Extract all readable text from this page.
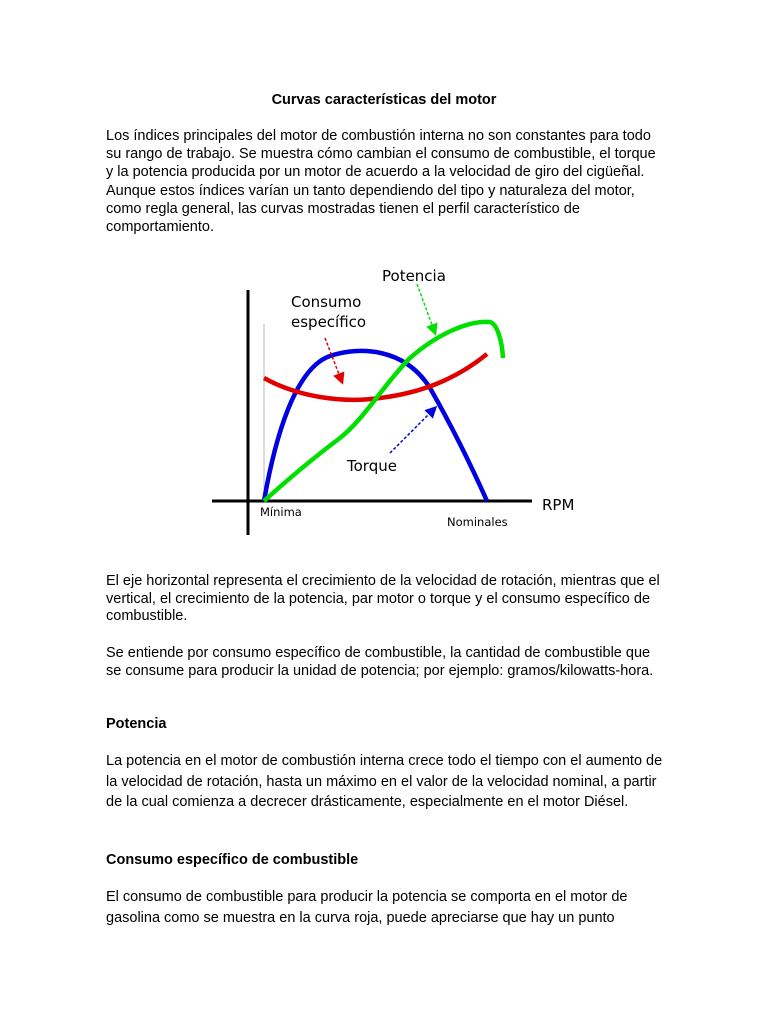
Curvas características del motor

Los índices principales del motor de combustión interna no son constantes para todo su rango de trabajo. Se muestra cómo cambian el consumo de combustible, el torque y la potencia producida por un motor de acuerdo a la velocidad de giro del cigüeñal. Aunque estos índices varían un tanto dependiendo del tipo y naturaleza del motor, como regla general, las curvas mostradas tienen el perfil característico de comportamiento.

Potencia
Consumo
específico
Torque
RPM
Mínima
Nominales

El eje horizontal representa el crecimiento de la velocidad de rotación, mientras que el vertical, el crecimiento de la potencia, par motor o torque y el consumo específico de combustible.

Se entiende por consumo específico de combustible, la cantidad de combustible que se consume para producir la unidad de potencia; por ejemplo: gramos/kilowatts-hora.

Potencia

La potencia en el motor de combustión interna crece todo el tiempo con el aumento de la velocidad de rotación, hasta un máximo en el valor de la velocidad nominal, a partir de la cual comienza a decrecer drásticamente, especialmente en el motor Diésel.

Consumo específico de combustible

El consumo de combustible para producir la potencia se comporta en el motor de gasolina como se muestra en la curva roja, puede apreciarse que hay un punto
